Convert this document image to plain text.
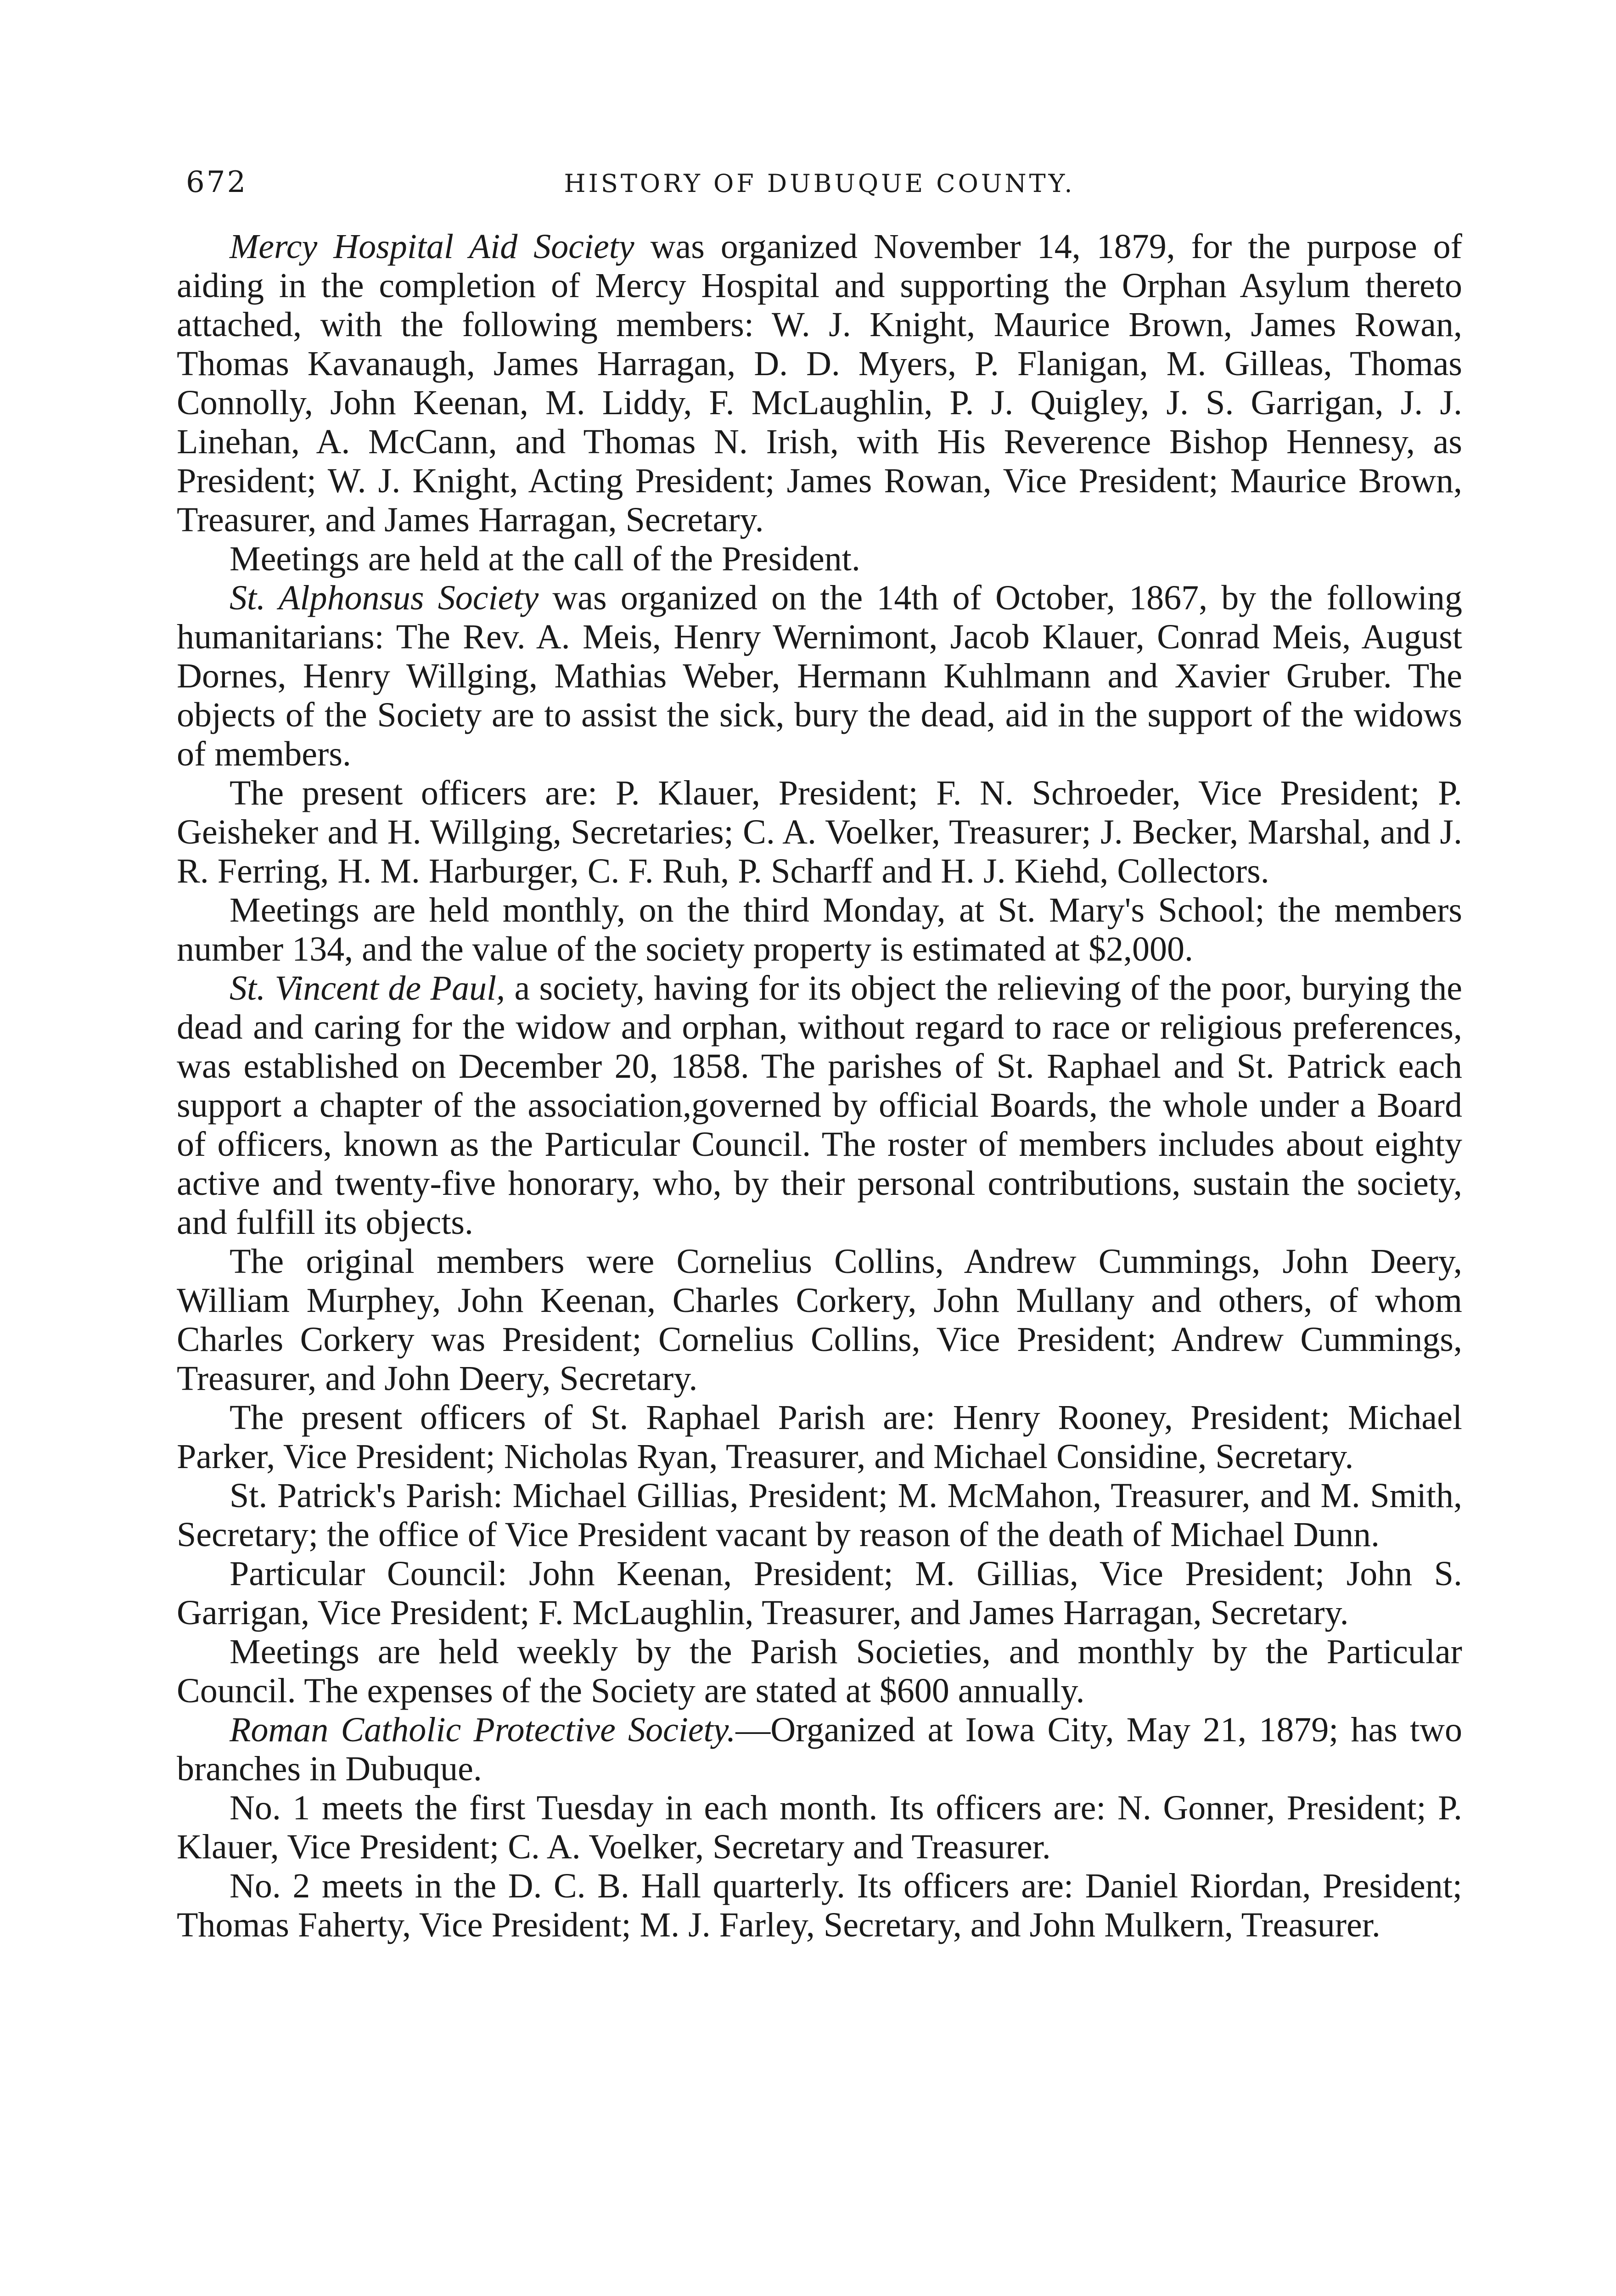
672	HISTORY OF DUBUQUE COUNTY.

Mercy Hospital Aid Society was organized November 14, 1879, for the purpose of aiding in the completion of Mercy Hospital and supporting the Orphan Asylum thereto attached, with the following members: W. J. Knight, Maurice Brown, James Rowan, Thomas Kavanaugh, James Harragan, D. D. Myers, P. Flanigan, M. Gilleas, Thomas Connolly, John Keenan, M. Liddy, F. McLaughlin, P. J. Quigley, J. S. Garrigan, J. J. Linehan, A. McCann, and Thomas N. Irish, with His Reverence Bishop Hennesy, as President; W. J. Knight, Acting President; James Rowan, Vice President; Maurice Brown, Treasurer, and James Harragan, Secretary.

Meetings are held at the call of the President.

St. Alphonsus Society was organized on the 14th of October, 1867, by the following humanitarians: The Rev. A. Meis, Henry Wernimont, Jacob Klauer, Conrad Meis, August Dornes, Henry Willging, Mathias Weber, Hermann Kuhlmann and Xavier Gruber. The objects of the Society are to assist the sick, bury the dead, aid in the support of the widows of members.

The present officers are: P. Klauer, President; F. N. Schroeder, Vice President; P. Geisheker and H. Willging, Secretaries; C. A. Voelker, Treasurer; J. Becker, Marshal, and J. R. Ferring, H. M. Harburger, C. F. Ruh, P. Scharff and H. J. Kiehd, Collectors.

Meetings are held monthly, on the third Monday, at St. Mary's School; the members number 134, and the value of the society property is estimated at $2,000.

St. Vincent de Paul, a society, having for its object the relieving of the poor, burying the dead and caring for the widow and orphan, without regard to race or religious preferences, was established on December 20, 1858. The parishes of St. Raphael and St. Patrick each support a chapter of the association,governed by official Boards, the whole under a Board of officers, known as the Particular Council. The roster of members includes about eighty active and twenty-five honorary, who, by their personal contributions, sustain the society, and fulfill its objects.

The original members were Cornelius Collins, Andrew Cummings, John Deery, William Murphey, John Keenan, Charles Corkery, John Mullany and others, of whom Charles Corkery was President; Cornelius Collins, Vice President; Andrew Cummings, Treasurer, and John Deery, Secretary.

The present officers of St. Raphael Parish are: Henry Rooney, President; Michael Parker, Vice President; Nicholas Ryan, Treasurer, and Michael Considine, Secretary.

St. Patrick's Parish: Michael Gillias, President; M. McMahon, Treasurer, and M. Smith, Secretary; the office of Vice President vacant by reason of the death of Michael Dunn.

Particular Council: John Keenan, President; M. Gillias, Vice President; John S. Garrigan, Vice President; F. McLaughlin, Treasurer, and James Harragan, Secretary.

Meetings are held weekly by the Parish Societies, and monthly by the Particular Council. The expenses of the Society are stated at $600 annually.

Roman Catholic Protective Society.—Organized at Iowa City, May 21, 1879; has two branches in Dubuque.

No. 1 meets the first Tuesday in each month. Its officers are: N. Gonner, President; P. Klauer, Vice President; C. A. Voelker, Secretary and Treasurer.

No. 2 meets in the D. C. B. Hall quarterly. Its officers are: Daniel Riordan, President; Thomas Faherty, Vice President; M. J. Farley, Secretary, and John Mulkern, Treasurer.
